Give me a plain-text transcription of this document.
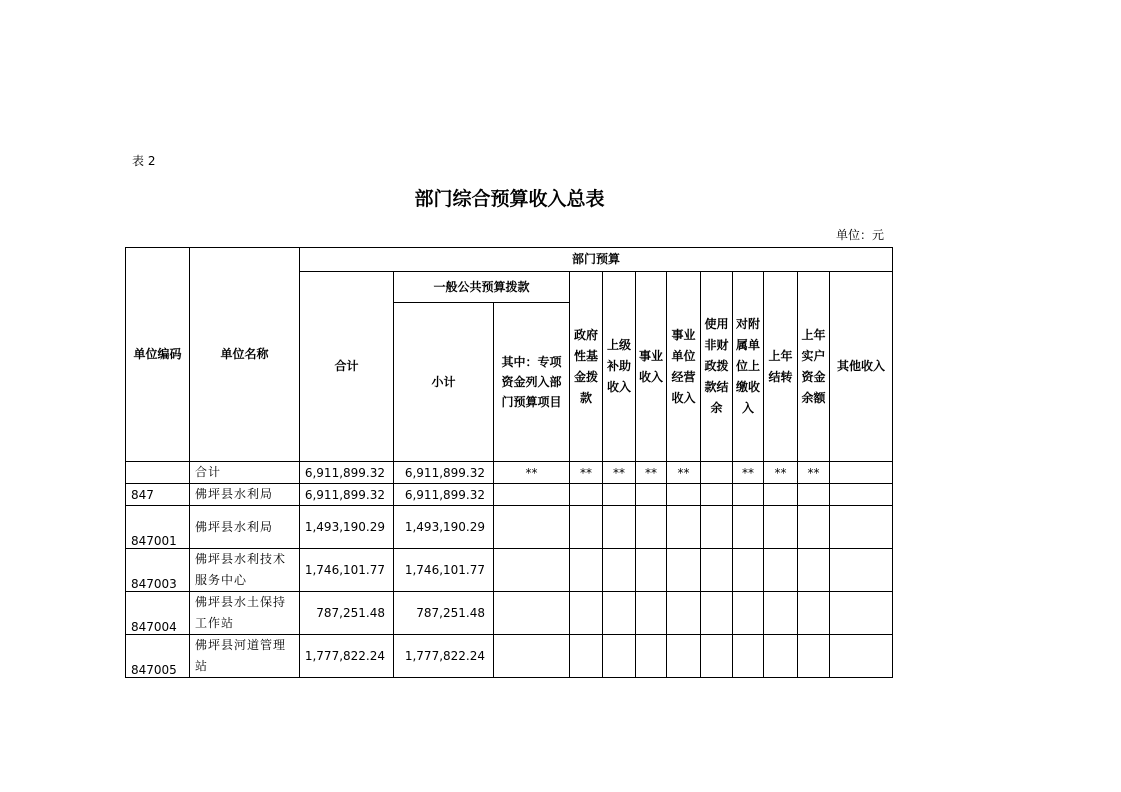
表 2
部门综合预算收入总表
单位：元
单位编码	单位名称	部门预算											
		合计	一般公共预算拨款		政府性基金拨款	上级补助收入	事业收入	事业单位经营收入	使用非财政拨款结余	对附属单位上缴收入	上年结转	上年实户资金余额	其他收入
			小计	其中：专项资金列入部门预算项目									
	合计	6,911,899.32	6,911,899.32	**	**	**	**	**		**	**	**	
847	佛坪县水利局	6,911,899.32	6,911,899.32										
847001	佛坪县水利局	1,493,190.29	1,493,190.29										
847003	佛坪县水利技术服务中心	1,746,101.77	1,746,101.77										
847004	佛坪县水土保持工作站	787,251.48	787,251.48										
847005	佛坪县河道管理站	1,777,822.24	1,777,822.24										
